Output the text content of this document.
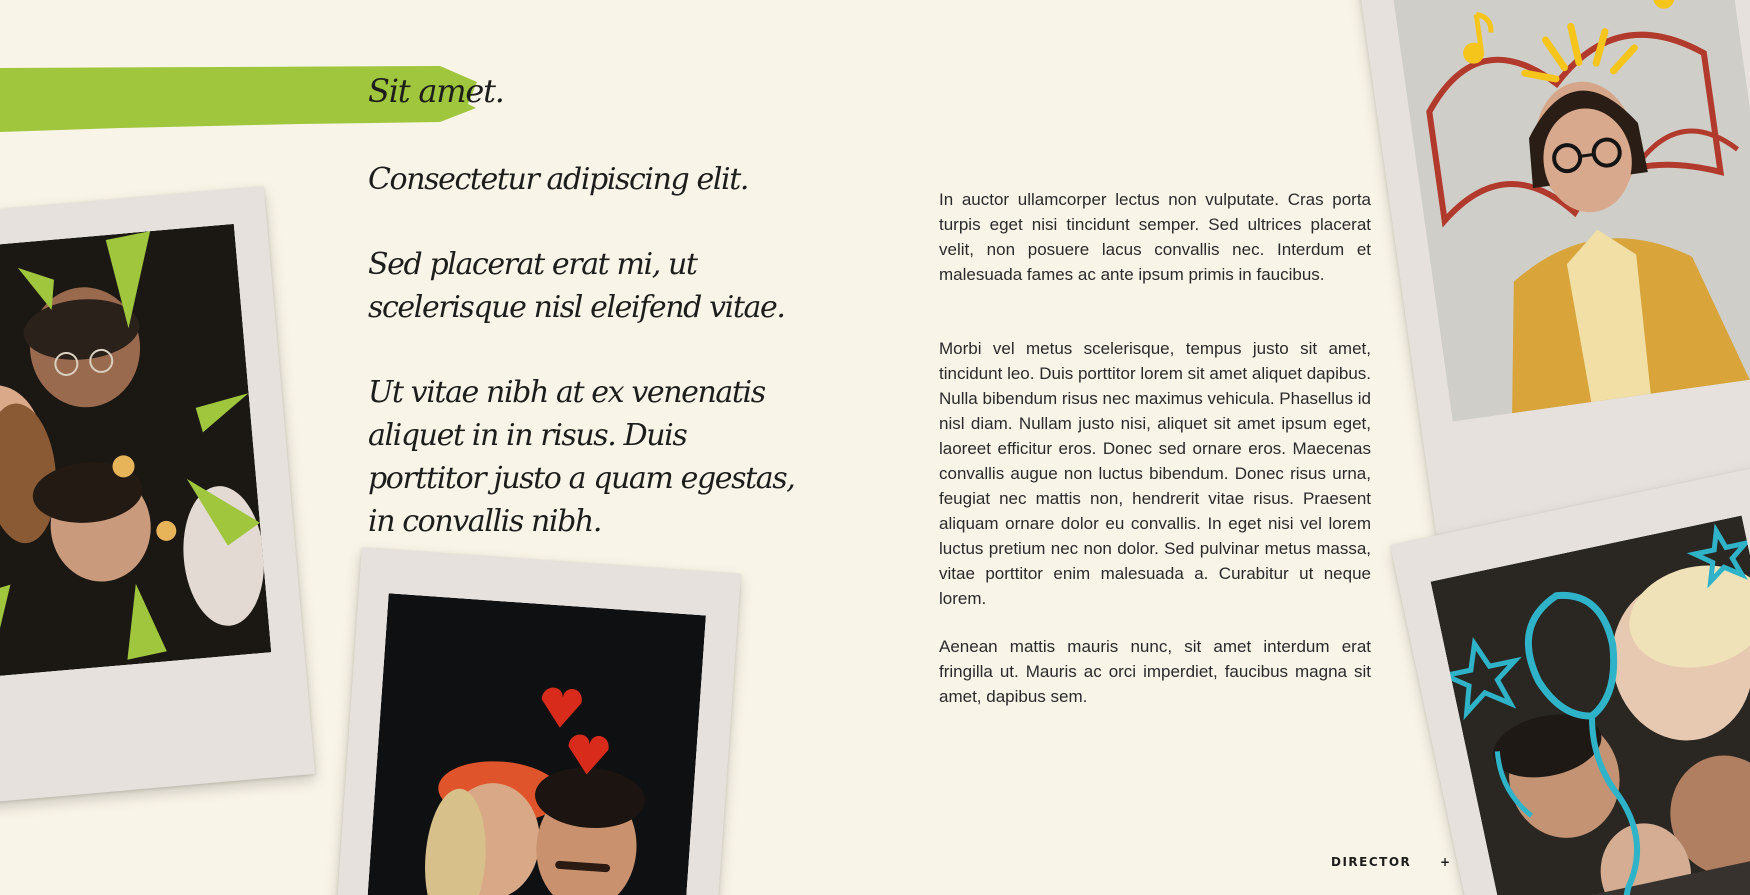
Sit amet.

Consectetur adipiscing elit.

Sed placerat erat mi, ut scelerisque nisl eleifend vitae.

Ut vitae nibh at ex venenatis aliquet in in risus. Duis porttitor justo a quam egestas, in convallis nibh.

In auctor ullamcorper lectus non vulputate. Cras porta turpis eget nisi tincidunt semper. Sed ultrices placerat velit, non posuere lacus convallis nec. Interdum et malesuada fames ac ante ipsum primis in faucibus.

Morbi vel metus scelerisque, tempus justo sit amet, tincidunt leo. Duis porttitor lorem sit amet aliquet dapibus. Nulla bibendum risus nec maximus vehicula. Phasellus id nisl diam. Nullam justo nisi, aliquet sit amet ipsum eget, laoreet efficitur eros. Donec sed ornare eros. Maecenas convallis augue non luctus bibendum. Donec risus urna, feugiat nec mattis non, hendrerit vitae risus. Praesent aliquam ornare dolor eu convallis. In eget nisi vel lorem luctus pretium nec non dolor. Sed pulvinar metus massa, vitae porttitor enim malesuada a. Curabitur ut neque lorem.

Aenean mattis mauris nunc, sit amet interdum erat fringilla ut. Mauris ac orci imperdiet, faucibus magna sit amet, dapibus sem.

DIRECTOR +
